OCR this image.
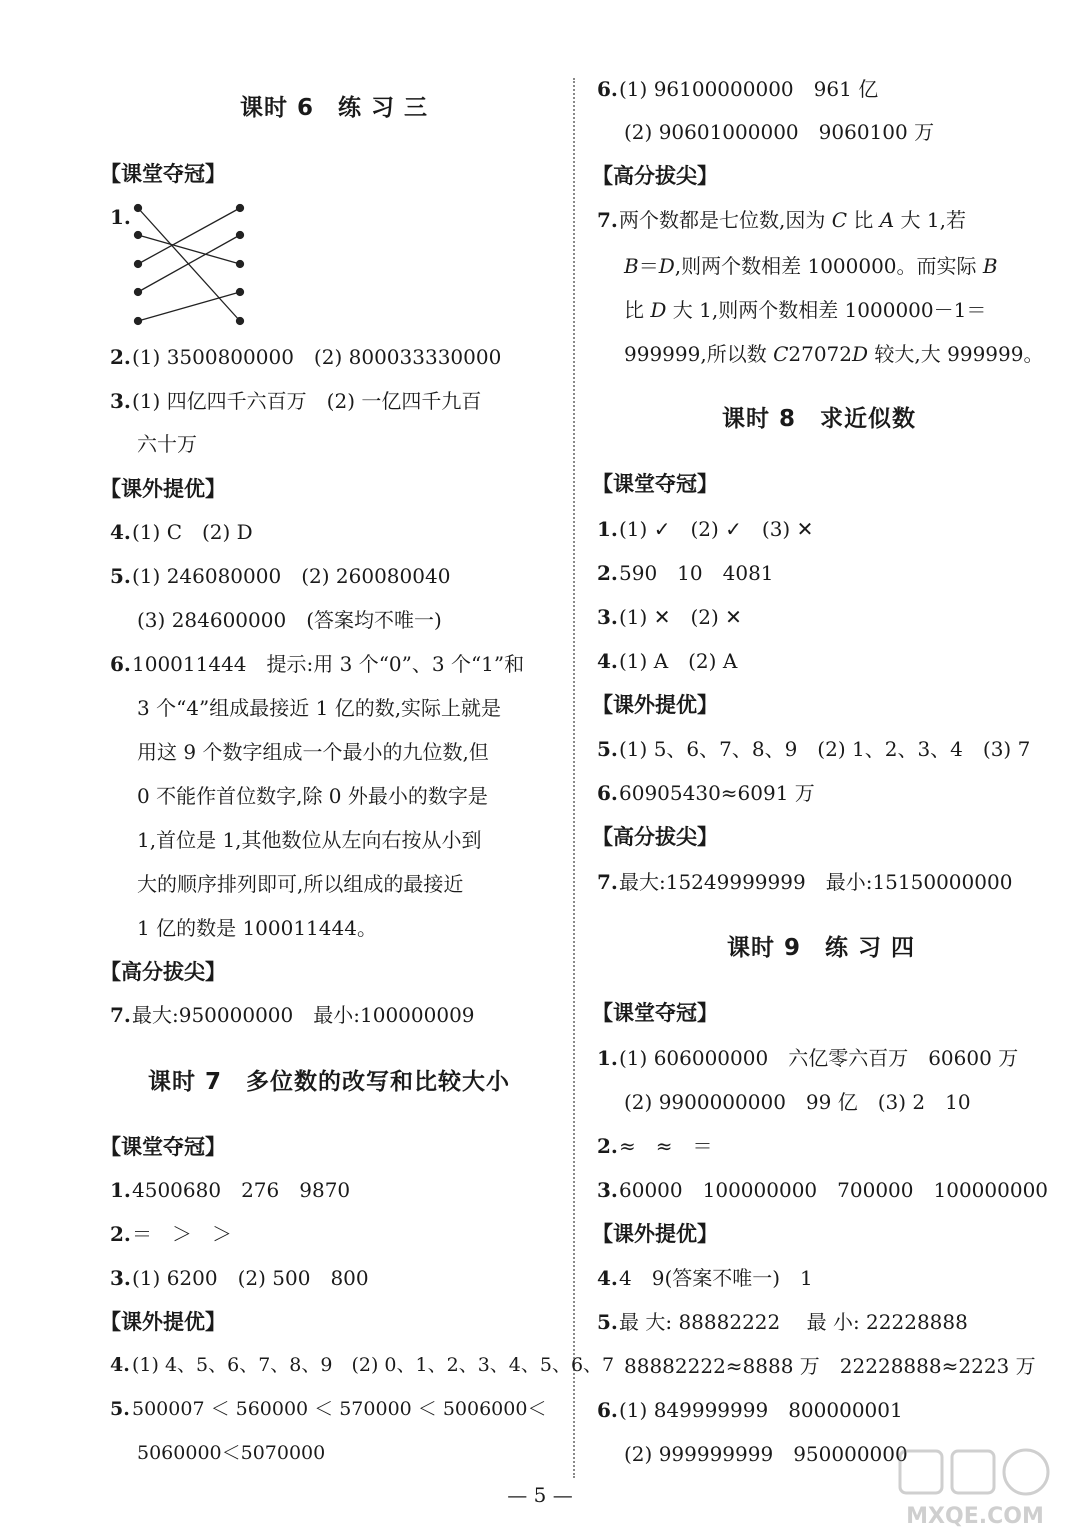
课时 6　练 习 三
【课堂夺冠】
1.
2.(1) 3500800000　(2) 800033330000
3.(1) 四亿四千六百万　(2) 一亿四千九百
六十万
【课外提优】
4.(1) C　(2) D
5.(1) 246080000　(2) 260080040
(3) 284600000　(答案均不唯一)
6.100011444　提示:用 3 个“0”、3 个“1”和
3 个“4”组成最接近 1 亿的数,实际上就是
用这 9 个数字组成一个最小的九位数,但
0 不能作首位数字,除 0 外最小的数字是
1,首位是 1,其他数位从左向右按从小到
大的顺序排列即可,所以组成的最接近
1 亿的数是 100011444。
【高分拔尖】
7.最大:950000000　最小:100000009
课时 7　多位数的改写和比较大小
【课堂夺冠】
1.4500680　276　9870
2.＝　＞　＞
3.(1) 6200　(2) 500　800
【课外提优】
4. (1) 4、5、6、7、8、9　(2) 0、1、2、3、4、5、6、7
5. 500007 ＜ 560000 ＜ 570000 ＜ 5006000＜
5060000＜5070000
6.(1) 96100000000　961 亿
(2) 90601000000　9060100 万
【高分拔尖】
7.两个数都是七位数,因为 C 比 A 大 1,若
B＝D,则两个数相差 1000000。而实际 B
比 D 大 1,则两个数相差 1000000－1＝
999999,所以数 C27072D 较大,大 999999。
课时 8　求近似数
【课堂夺冠】
1.(1) ✓　(2) ✓　(3) ✕
2.590　10　4081
3.(1) ✕　(2) ✕
4.(1) A　(2) A
【课外提优】
5.(1) 5、6、7、8、9　(2) 1、2、3、4　(3) 7
6.60905430≈6091 万
【高分拔尖】
7.最大:15249999999　最小:15150000000
课时 9　练 习 四
【课堂夺冠】
1.(1) 606000000　六亿零六百万　60600 万
(2) 9900000000　99 亿　(3) 2　10
2.≈　≈　＝
3.60000　100000000　700000　100000000
【课外提优】
4.4　9(答案不唯一)　1
5.最 大: 88882222　 最 小: 22228888
88882222≈8888 万　22228888≈2223 万
6.(1) 849999999　800000001
(2) 999999999　950000000
— 5 —
MXQE.COM
